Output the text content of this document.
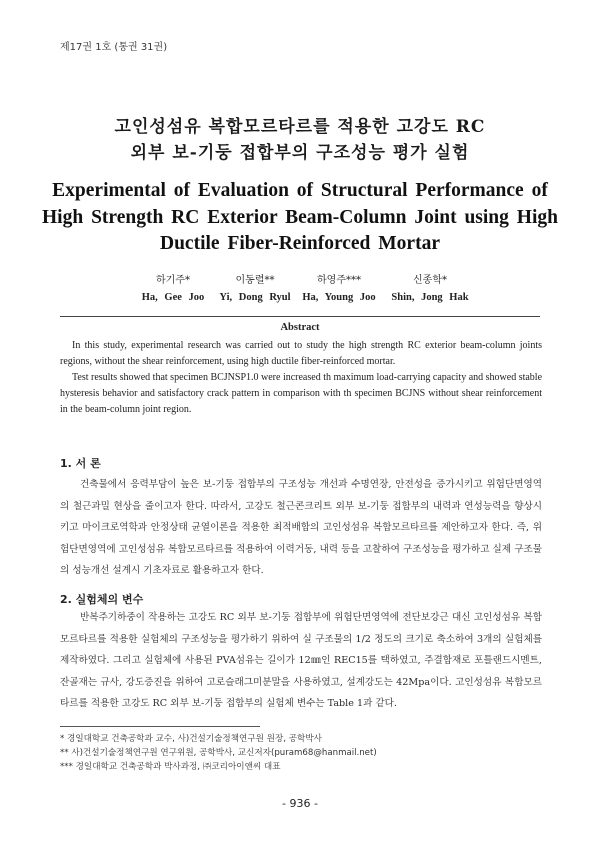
제17권 1호 (통권 31권)
고인성섬유 복합모르타르를 적용한 고강도 RC
외부 보-기둥 접합부의 구조성능 평가 실험
Experimental of Evaluation of Structural Performance of
High Strength RC Exterior Beam-Column Joint using High
Ductile Fiber-Reinforced Mortar
하기주*
Ha, Gee Joo
이동렬**
Yi, Dong Ryul
하영주***
Ha, Young Joo
신종학*
Shin, Jong Hak
Abstract

In this study, experimental research was carried out to study the high strength RC exterior beam-column joints regions, without the shear reinforcement, using high ductile fiber-reinforced mortar.

Test results showed that specimen BCJNSP1.0 were increased th maximum load-carrying capacity and showed stable hysteresis behavior and satisfactory crack pattern in comparison with th specimen BCJNS without shear reinforcement in the beam-column joint region.

1. 서 론

건축물에서 응력부담이 높은 보-기둥 접합부의 구조성능 개선과 수명연장, 안전성을 증가시키고 위험단면영역의 철근과밀 현상을 줄이고자 한다. 따라서, 고강도 철근콘크리트 외부 보-기둥 접합부의 내력과 연성능력을 향상시키고 마이크로역학과 안정상태 균열이론을 적용한 최적배합의 고인성섬유 복합모르타르를 제안하고자 한다. 즉, 위험단면영역에 고인성섬유 복합모르타르를 적용하여 이력거동, 내력 등을 고찰하여 구조성능을 평가하고 실제 구조물의 성능개선 설계시 기초자료로 활용하고자 한다.

2. 실험체의 변수

반복주기하중이 작용하는 고강도 RC 외부 보-기둥 접합부에 위험단면영역에 전단보강근 대신 고인성섬유 복합모르타르를 적용한 실험체의 구조성능을 평가하기 위하여 실 구조물의 1/2 정도의 크기로 축소하여 3개의 실험체를 제작하였다. 그리고 실험체에 사용된 PVA섬유는 길이가 12㎜인 REC15를 택하였고, 주결합재로 포틀랜드시멘트, 잔골재는 규사, 강도증진을 위하여 고로슬래그미분말을 사용하였고, 설계강도는 42Mpa이다. 고인성섬유 복합모르타르를 적용한 고강도 RC 외부 보-기둥 접합부의 실험체 변수는 Table 1과 같다.

* 경일대학교 건축공학과 교수, 사)건설기술정책연구원 원장, 공학박사
** 사)건설기술정책연구원 연구위원, 공학박사, 교신저자(puram68@hanmail.net)
*** 경일대학교 건축공학과 박사과정, ㈜코리아이앤씨 대표
- 936 -
